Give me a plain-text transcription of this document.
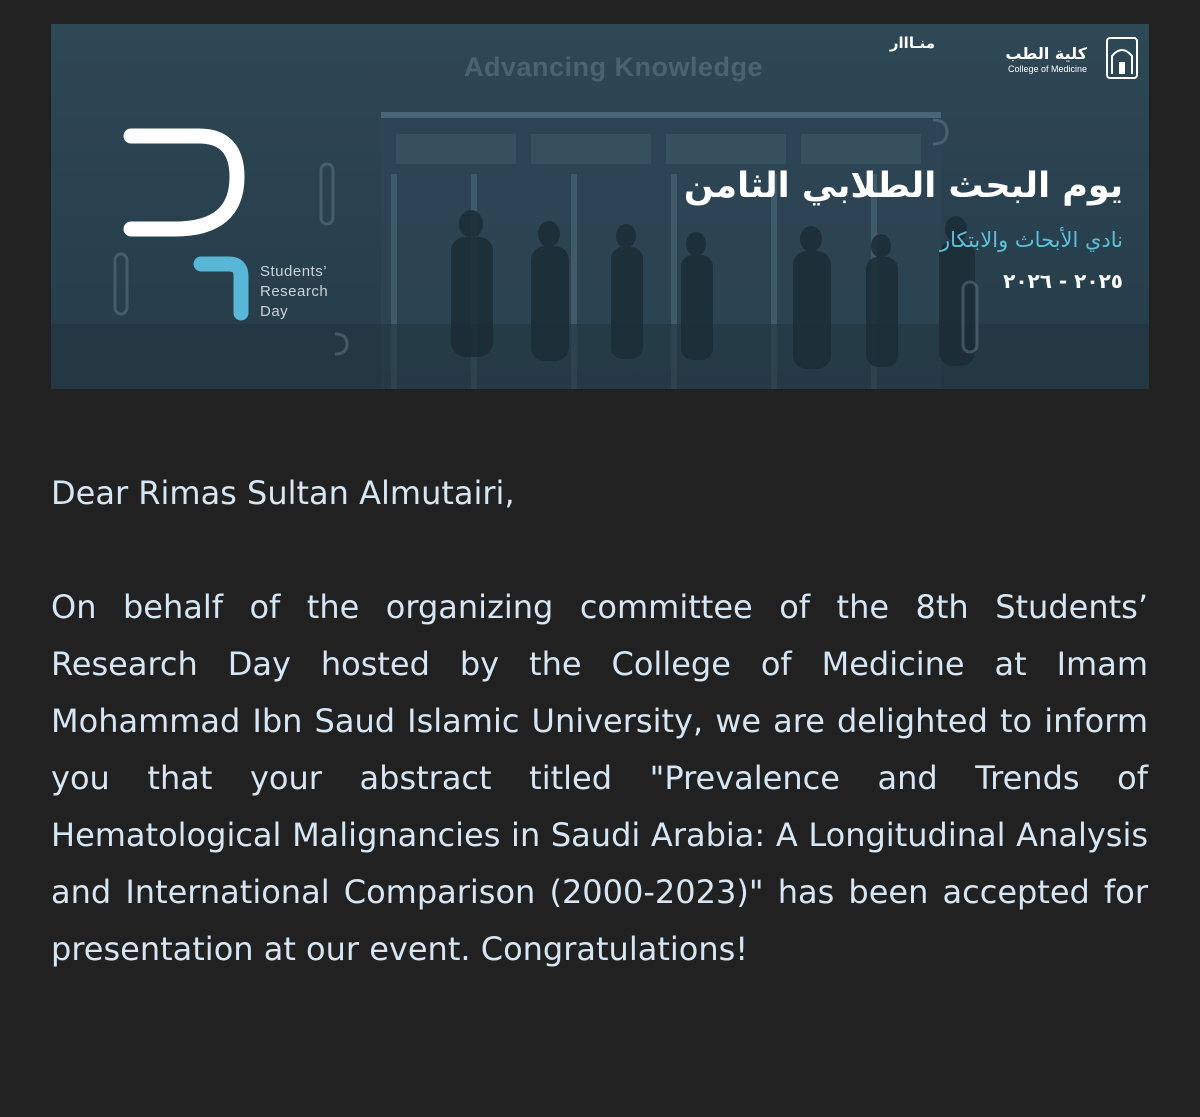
Advancing Knowledge
Students’
Research
Day
منـااار
كلية الطب
College of Medicine
يوم البحث الطلابي الثامن
نادي الأبحاث والابتكار
٢٠٢٥ - ٢٠٢٦

Dear Rimas Sultan Almutairi,

On behalf of the organizing committee of the 8th Students’ Research Day hosted by the College of Medicine at Imam Mohammad Ibn Saud Islamic University, we are delighted to inform you that your abstract titled "Prevalence and Trends of Hematological Malignancies in Saudi Arabia: A Longitudinal Analysis and International Comparison (2000-2023)" has been accepted for presentation at our event. Congratulations!
